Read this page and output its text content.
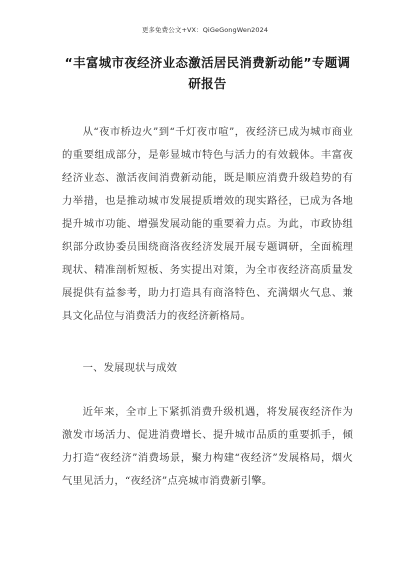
更多免费公文+VX：QiGeGongWen2024
“丰富城市夜经济业态激活居民消费新动能”专题调研报告

从“夜市桥边火”到“千灯夜市喧”，夜经济已成为城市商业的重要组成部分，是彰显城市特色与活力的有效载体。丰富夜经济业态、激活夜间消费新动能，既是顺应消费升级趋势的有力举措，也是推动城市发展提质增效的现实路径，已成为各地提升城市功能、增强发展动能的重要着力点。为此，市政协组织部分政协委员围绕商洛夜经济发展开展专题调研，全面梳理现状、精准剖析短板、务实提出对策，为全市夜经济高质量发展提供有益参考，助力打造具有商洛特色、充满烟火气息、兼具文化品位与消费活力的夜经济新格局。

一、发展现状与成效

近年来，全市上下紧抓消费升级机遇，将发展夜经济作为激发市场活力、促进消费增长、提升城市品质的重要抓手，倾力打造“夜经济”消费场景，聚力构建“夜经济”发展格局，烟火气里见活力，“夜经济”点亮城市消费新引擎。
